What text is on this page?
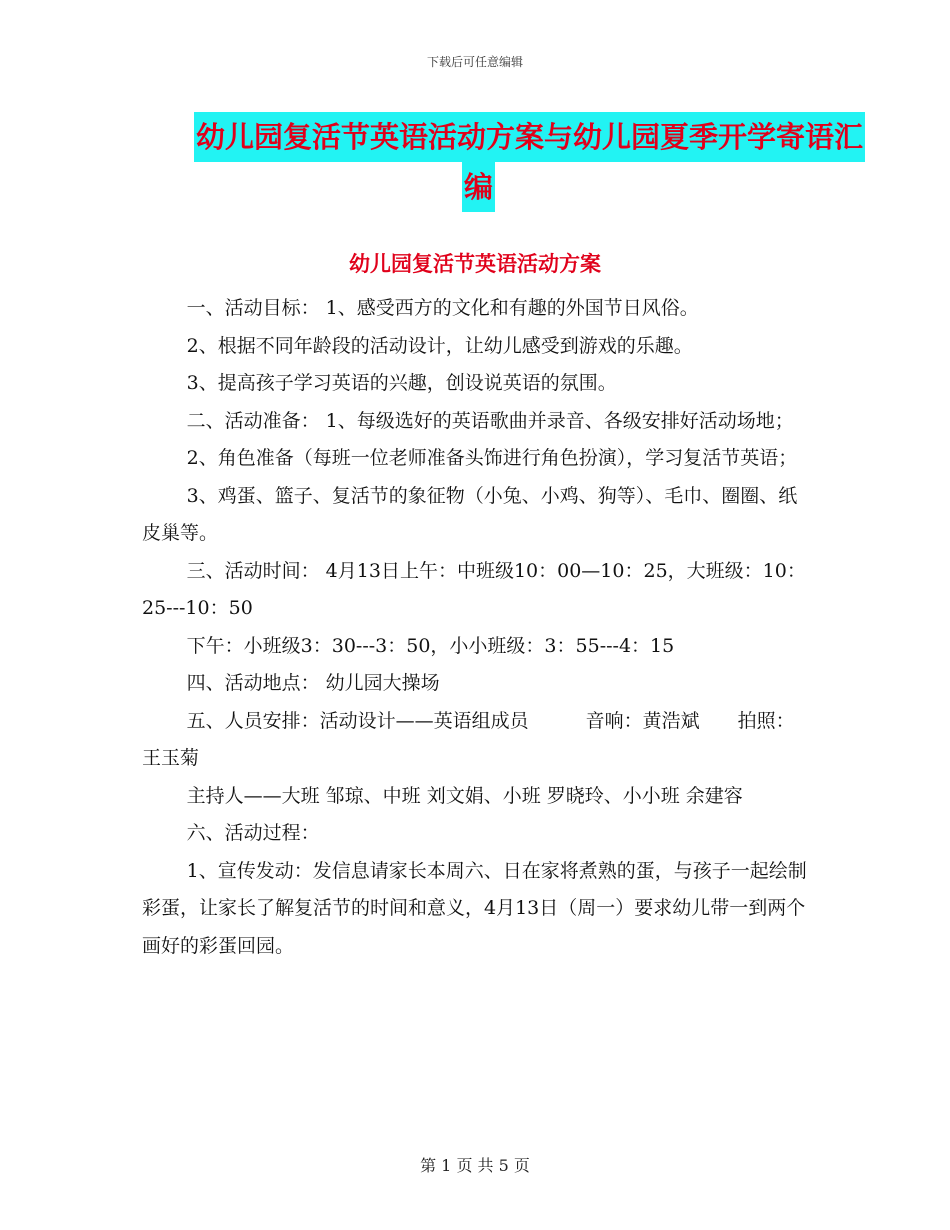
下载后可任意编辑
幼儿园复活节英语活动方案与幼儿园夏季开学寄语汇
编
幼儿园复活节英语活动方案

一、活动目标： 1、感受西方的文化和有趣的外国节日风俗。

2、根据不同年龄段的活动设计，让幼儿感受到游戏的乐趣。

3、提高孩子学习英语的兴趣，创设说英语的氛围。

二、活动准备： 1、每级选好的英语歌曲并录音、各级安排好活动场地；

2、角色准备（每班一位老师准备头饰进行角色扮演），学习复活节英语；

3、鸡蛋、篮子、复活节的象征物（小兔、小鸡、狗等）、毛巾、圈圈、纸皮巢等。

三、活动时间： 4月13日上午：中班级10：00—10：25，大班级：10：25---10：50

下午：小班级3：30---3：50，小小班级：3：55---4：15

四、活动地点： 幼儿园大操场

五、人员安排：活动设计——英语组成员　　　音响：黄浩斌　　拍照：王玉菊

主持人——大班 邹琼、中班 刘文娟、小班 罗晓玲、小小班 余建容

六、活动过程：

1、宣传发动：发信息请家长本周六、日在家将煮熟的蛋，与孩子一起绘制彩蛋，让家长了解复活节的时间和意义，4月13日（周一）要求幼儿带一到两个画好的彩蛋回园。

第 1 页 共 5 页
